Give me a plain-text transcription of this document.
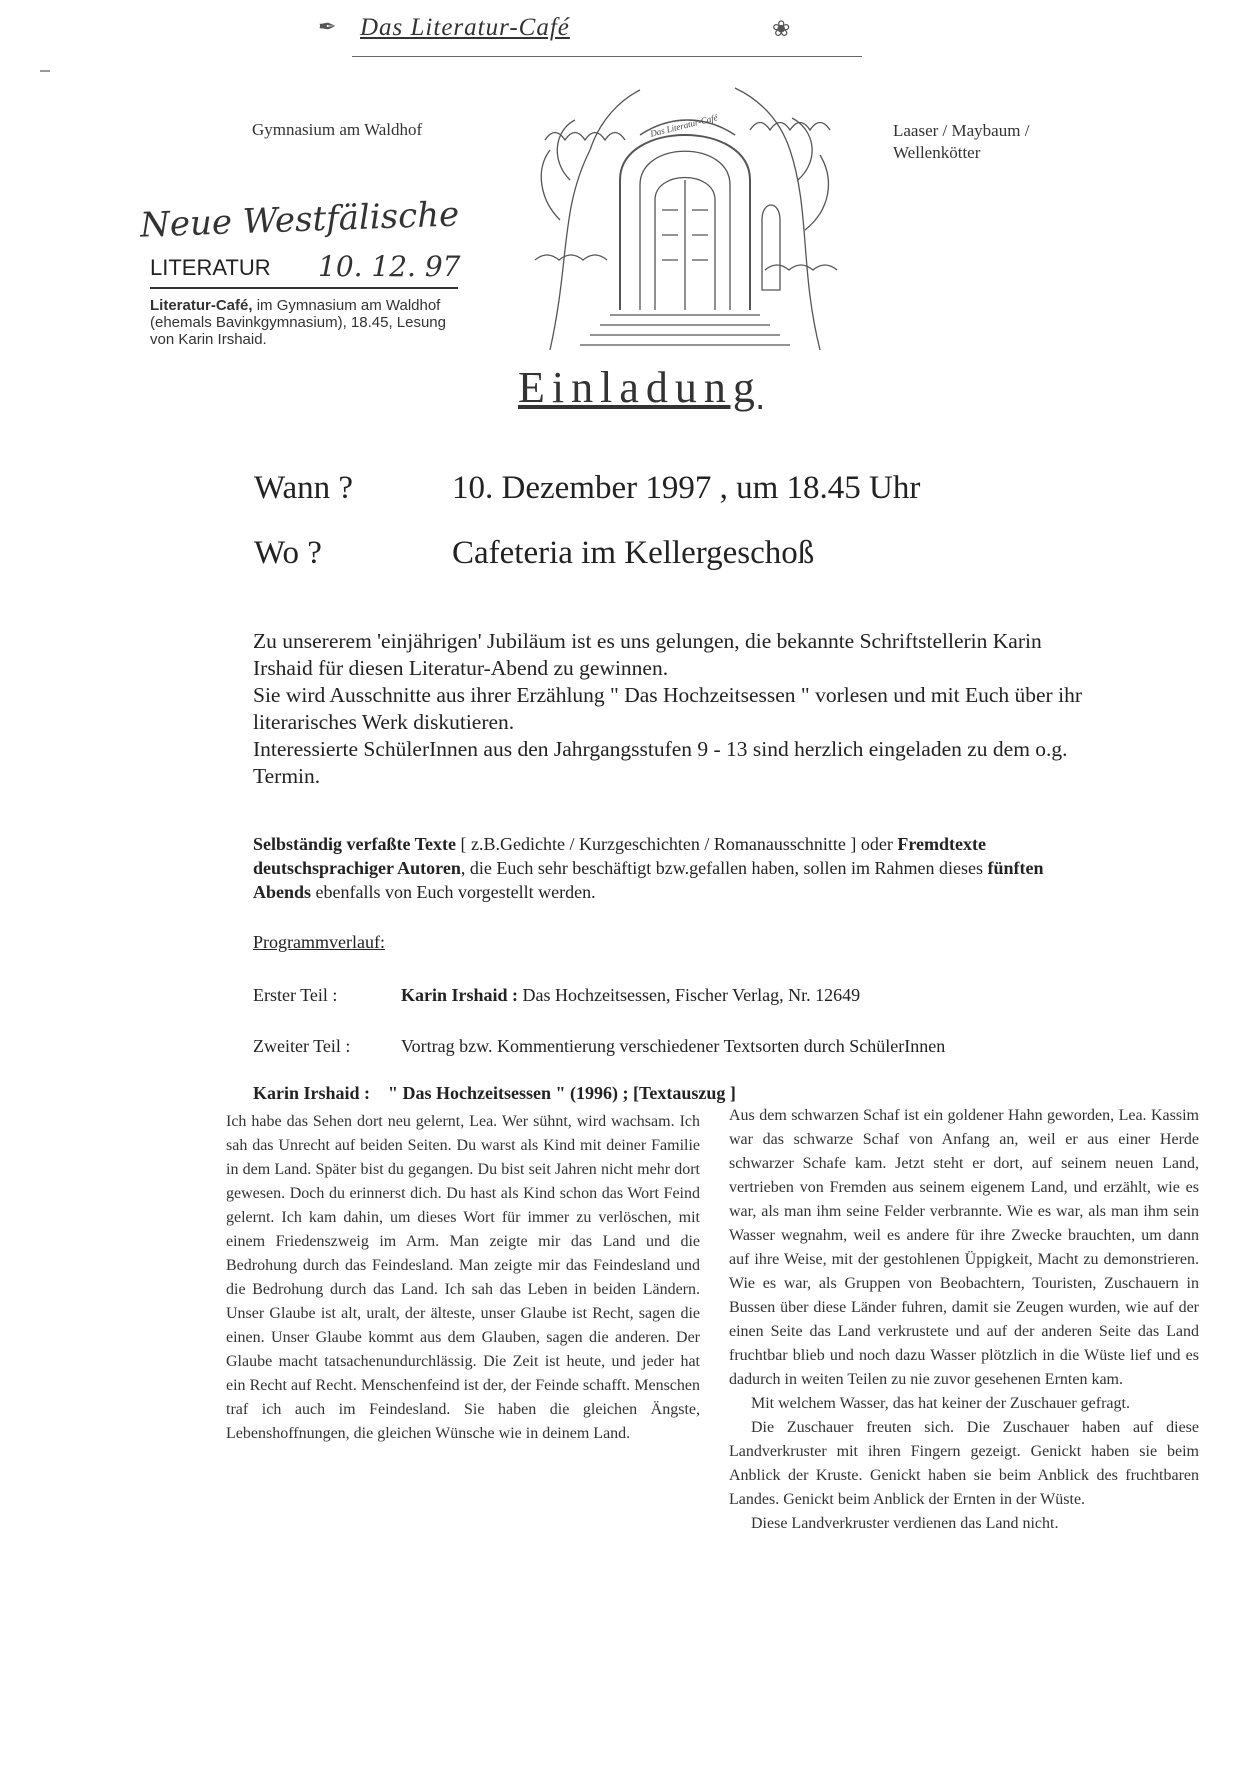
✒ Das Literatur-Café	❀
Gymnasium am Waldhof	Laaser / Maybaum /
Wellenkötter
Das Literatur-Café
Neue Westfälische
LITERATUR 10. 12. 97
Literatur-Café, im Gymnasium am Waldhof (ehemals Bavinkgymnasium), 18.45, Lesung von Karin Irshaid.
Einladung
Wann ?	10. Dezember 1997 , um 18.45 Uhr
Wo ?	Cafeteria im Kellergeschoß

Zu unsererem 'einjährigen' Jubiläum ist es uns gelungen, die bekannte Schriftstellerin Karin Irshaid für diesen Literatur-Abend zu gewinnen.

Sie wird Ausschnitte aus ihrer Erzählung " Das Hochzeitsessen " vorlesen und mit Euch über ihr literarisches Werk diskutieren.

Interessierte SchülerInnen aus den Jahrgangsstufen 9 - 13 sind herzlich eingeladen zu dem o.g. Termin.

Selbständig verfaßte Texte [ z.B.Gedichte / Kurzgeschichten / Romanausschnitte ] oder Fremdtexte deutschsprachiger Autoren, die Euch sehr beschäftigt bzw.gefallen haben, sollen im Rahmen dieses fünften Abends ebenfalls von Euch vorgestellt werden.
Programmverlauf:
Erster Teil :	Karin Irshaid : Das Hochzeitsessen, Fischer Verlag, Nr. 12649
Zweiter Teil :	Vortrag bzw. Kommentierung verschiedener Textsorten durch SchülerInnen
Karin Irshaid : " Das Hochzeitsessen " (1996) ; [Textauszug ]

Ich habe das Sehen dort neu gelernt, Lea. Wer sühnt, wird wachsam. Ich sah das Unrecht auf beiden Seiten. Du warst als Kind mit deiner Familie in dem Land. Später bist du gegangen. Du bist seit Jahren nicht mehr dort gewesen. Doch du erinnerst dich. Du hast als Kind schon das Wort Feind gelernt. Ich kam dahin, um dieses Wort für immer zu verlöschen, mit einem Friedenszweig im Arm. Man zeigte mir das Land und die Bedrohung durch das Feindesland. Man zeigte mir das Feindesland und die Bedrohung durch das Land. Ich sah das Leben in beiden Ländern. Unser Glaube ist alt, uralt, der älteste, unser Glaube ist Recht, sagen die einen. Unser Glaube kommt aus dem Glauben, sagen die anderen. Der Glaube macht tatsachenundurchlässig. Die Zeit ist heute, und jeder hat ein Recht auf Recht. Menschenfeind ist der, der Feinde schafft. Menschen traf ich auch im Feindesland. Sie haben die gleichen Ängste, Lebenshoffnungen, die gleichen Wünsche wie in deinem Land.

Aus dem schwarzen Schaf ist ein goldener Hahn geworden, Lea. Kassim war das schwarze Schaf von Anfang an, weil er aus einer Herde schwarzer Schafe kam. Jetzt steht er dort, auf seinem neuen Land, vertrieben von Fremden aus seinem eigenem Land, und erzählt, wie es war, als man ihm seine Felder verbrannte. Wie es war, als man ihm sein Wasser wegnahm, weil es andere für ihre Zwecke brauchten, um dann auf ihre Weise, mit der gestohlenen Üppigkeit, Macht zu demonstrieren. Wie es war, als Gruppen von Beobachtern, Touristen, Zuschauern in Bussen über diese Länder fuhren, damit sie Zeugen wurden, wie auf der einen Seite das Land verkrustete und auf der anderen Seite das Land fruchtbar blieb und noch dazu Wasser plötzlich in die Wüste lief und es dadurch in weiten Teilen zu nie zuvor gesehenen Ernten kam.

Mit welchem Wasser, das hat keiner der Zuschauer gefragt.

Die Zuschauer freuten sich. Die Zuschauer haben auf diese Landverkruster mit ihren Fingern gezeigt. Genickt haben sie beim Anblick der Kruste. Genickt haben sie beim Anblick des fruchtbaren Landes. Genickt beim Anblick der Ernten in der Wüste.

Diese Landverkruster verdienen das Land nicht.
